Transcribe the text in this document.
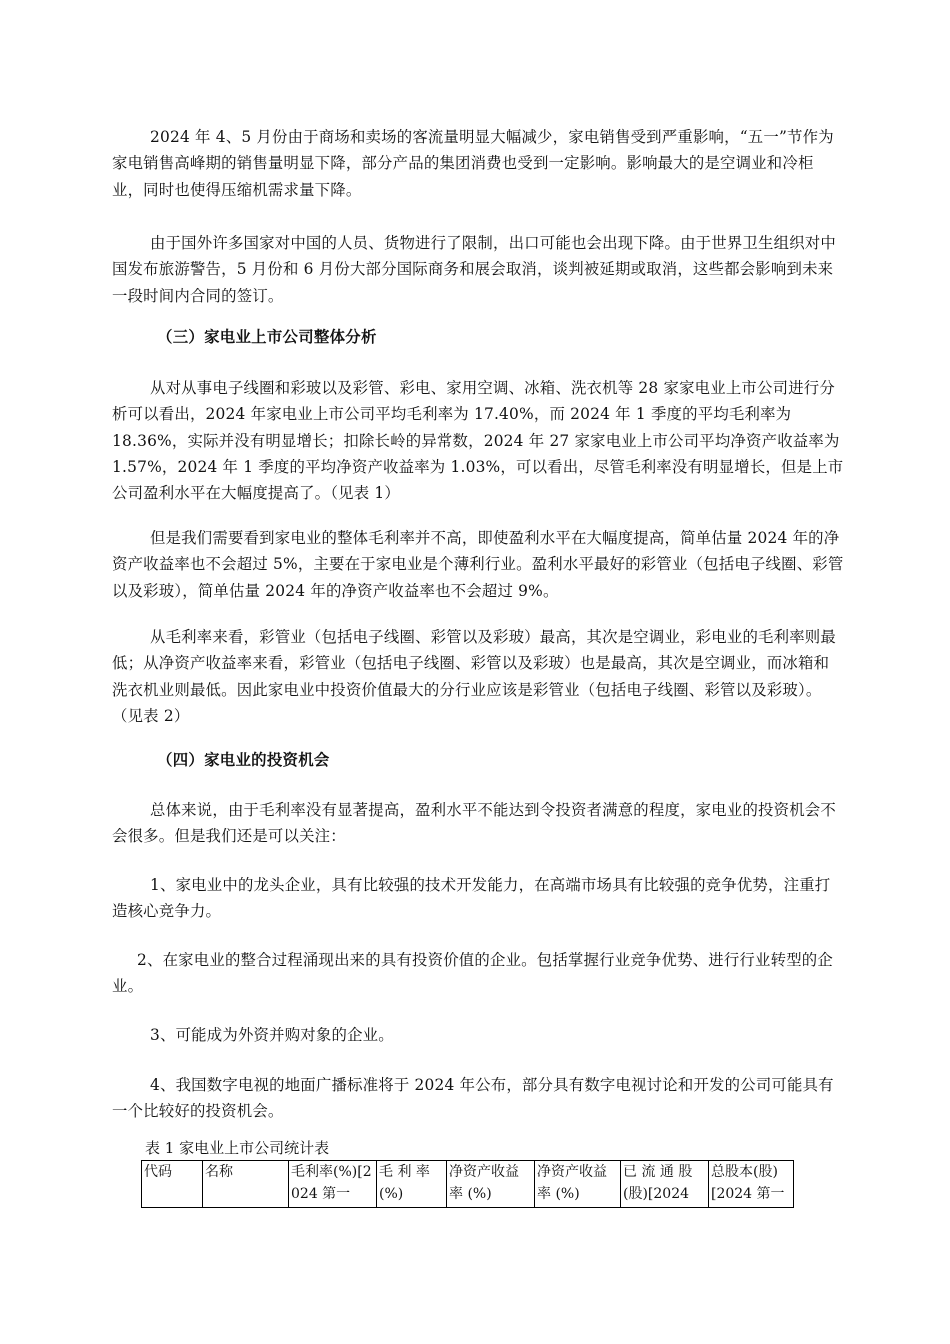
2024 年 4、5 月份由于商场和卖场的客流量明显大幅减少，家电销售受到严重影响，“五一”节作为家电销售高峰期的销售量明显下降，部分产品的集团消费也受到一定影响。影响最大的是空调业和冷柜业，同时也使得压缩机需求量下降。

由于国外许多国家对中国的人员、货物进行了限制，出口可能也会出现下降。由于世界卫生组织对中国发布旅游警告，5 月份和 6 月份大部分国际商务和展会取消，谈判被延期或取消，这些都会影响到未来一段时间内合同的签订。

（三）家电业上市公司整体分析

从对从事电子线圈和彩玻以及彩管、彩电、家用空调、冰箱、洗衣机等 28 家家电业上市公司进行分析可以看出，2024 年家电业上市公司平均毛利率为 17.40%，而 2024 年 1 季度的平均毛利率为 18.36%，实际并没有明显增长；扣除长岭的异常数，2024 年 27 家家电业上市公司平均净资产收益率为 1.57%，2024 年 1 季度的平均净资产收益率为 1.03%，可以看出，尽管毛利率没有明显增长，但是上市公司盈利水平在大幅度提高了。（见表 1）

但是我们需要看到家电业的整体毛利率并不高，即使盈利水平在大幅度提高，简单估量 2024 年的净资产收益率也不会超过 5%，主要在于家电业是个薄利行业。盈利水平最好的彩管业（包括电子线圈、彩管以及彩玻），简单估量 2024 年的净资产收益率也不会超过 9%。

从毛利率来看，彩管业（包括电子线圈、彩管以及彩玻）最高，其次是空调业，彩电业的毛利率则最低；从净资产收益率来看，彩管业（包括电子线圈、彩管以及彩玻）也是最高，其次是空调业，而冰箱和洗衣机业则最低。因此家电业中投资价值最大的分行业应该是彩管业（包括电子线圈、彩管以及彩玻）。（见表 2）

（四）家电业的投资机会

总体来说，由于毛利率没有显著提高，盈利水平不能达到令投资者满意的程度，家电业的投资机会不会很多。但是我们还是可以关注：

1、家电业中的龙头企业，具有比较强的技术开发能力，在高端市场具有比较强的竞争优势，注重打造核心竞争力。

2、在家电业的整合过程涌现出来的具有投资价值的企业。包括掌握行业竞争优势、进行行业转型的企业。

3、可能成为外资并购对象的企业。

4、我国数字电视的地面广播标准将于 2024 年公布，部分具有数字电视讨论和开发的公司可能具有一个比较好的投资机会。

表 1 家电业上市公司统计表

代码	名称	毛利率(%)[2024 第一	毛 利 率(%)	净资产收益率 (%)	净资产收益率 (%)	已 流 通 股(股)[2024	总股本(股)[2024 第一
